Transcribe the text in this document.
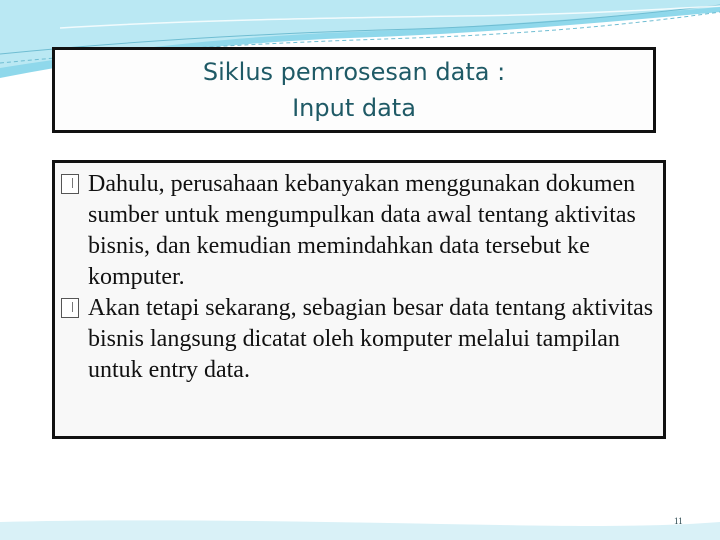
Siklus pemrosesan data :
Input data
Dahulu, perusahaan kebanyakan menggunakan dokumen sumber untuk mengumpulkan data awal tentang aktivitas bisnis, dan kemudian memindahkan data tersebut ke komputer.
Akan tetapi sekarang, sebagian besar data tentang aktivitas bisnis langsung dicatat oleh komputer melalui tampilan untuk entry data.
11
